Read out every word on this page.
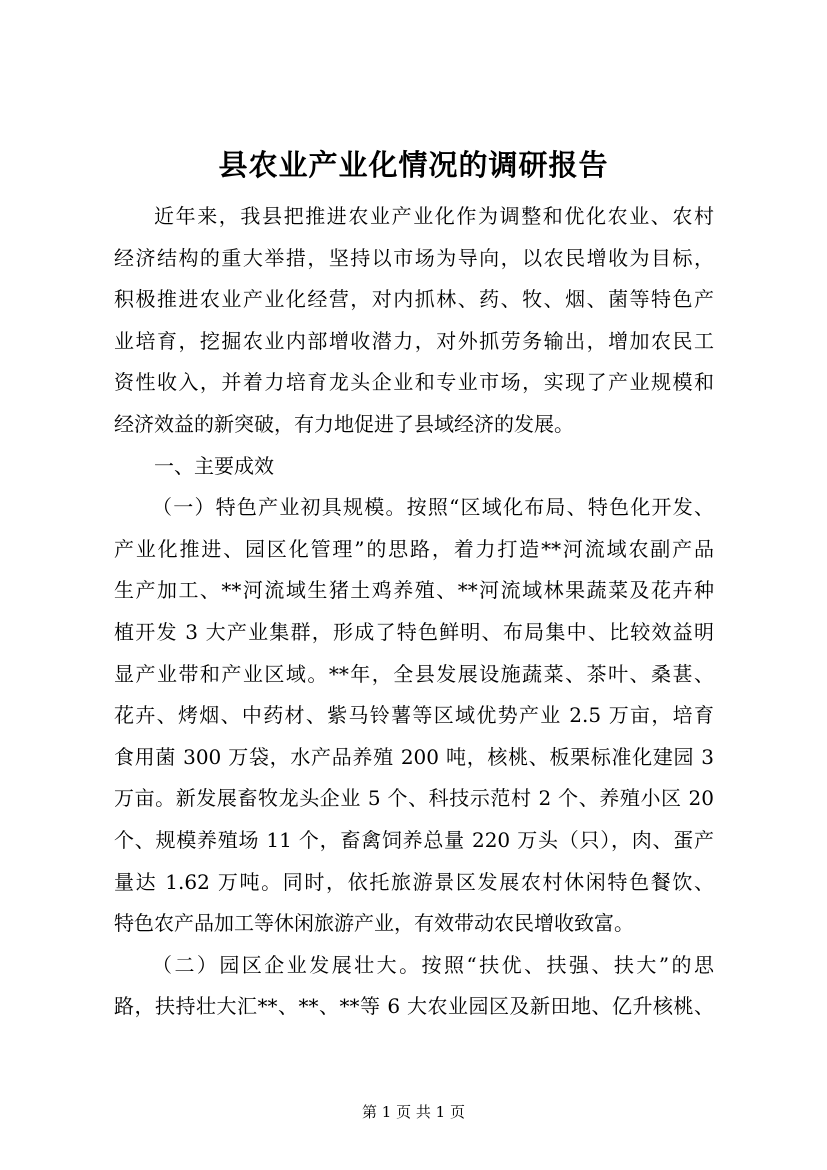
县农业产业化情况的调研报告
近年来，我县把推进农业产业化作为调整和优化农业、农村
经济结构的重大举措，坚持以市场为导向，以农民增收为目标，
积极推进农业产业化经营，对内抓林、药、牧、烟、菌等特色产
业培育，挖掘农业内部增收潜力，对外抓劳务输出，增加农民工
资性收入，并着力培育龙头企业和专业市场，实现了产业规模和
经济效益的新突破，有力地促进了县域经济的发展。
一、主要成效
（一）特色产业初具规模。按照“区域化布局、特色化开发、
产业化推进、园区化管理”的思路，着力打造**河流域农副产品
生产加工、**河流域生猪土鸡养殖、**河流域林果蔬菜及花卉种
植开发 3 大产业集群，形成了特色鲜明、布局集中、比较效益明
显产业带和产业区域。**年，全县发展设施蔬菜、茶叶、桑葚、
花卉、烤烟、中药材、紫马铃薯等区域优势产业 2.5 万亩，培育
食用菌 300 万袋，水产品养殖 200 吨，核桃、板栗标准化建园 3
万亩。新发展畜牧龙头企业 5 个、科技示范村 2 个、养殖小区 20
个、规模养殖场 11 个，畜禽饲养总量 220 万头（只），肉、蛋产
量达 1.62 万吨。同时，依托旅游景区发展农村休闲特色餐饮、
特色农产品加工等休闲旅游产业，有效带动农民增收致富。
（二）园区企业发展壮大。按照“扶优、扶强、扶大”的思
路，扶持壮大汇**、**、**等 6 大农业园区及新田地、亿升核桃、
第 1 页 共 1 页
